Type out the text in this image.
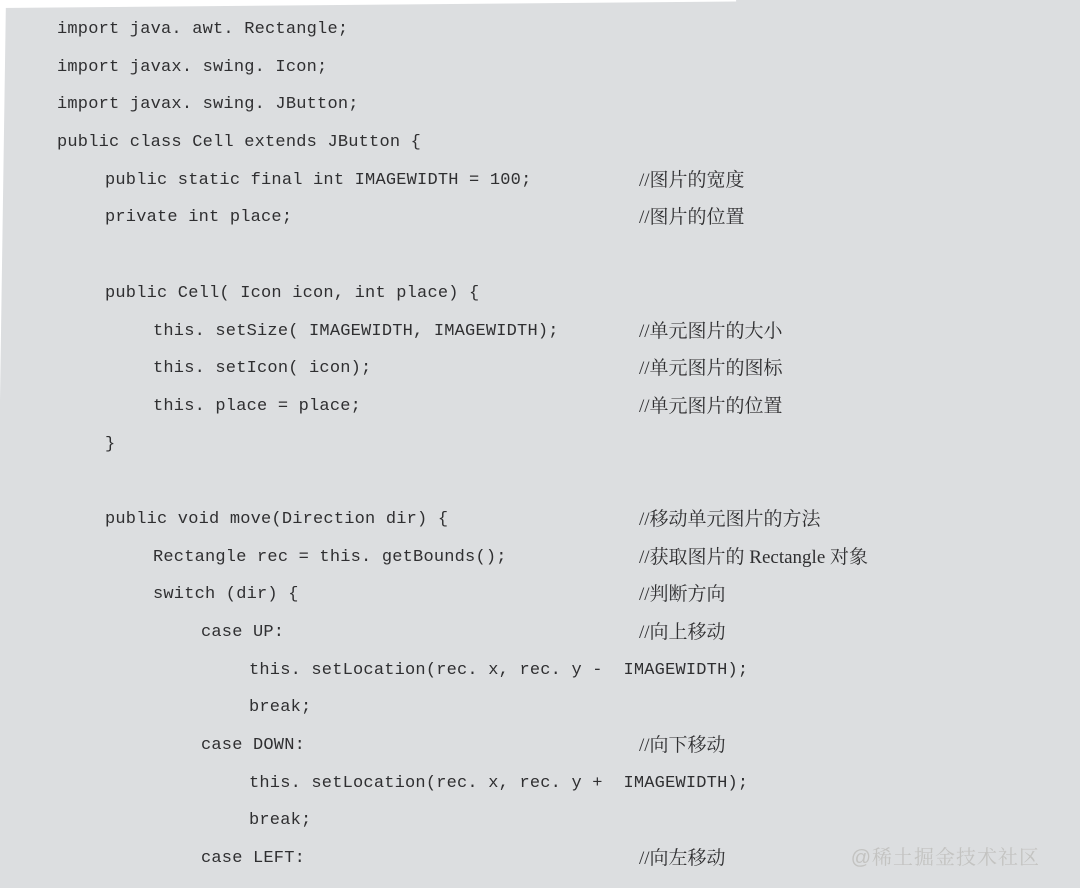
import java. awt. Rectangle;
import javax. swing. Icon;
import javax. swing. JButton;
public class Cell extends JButton {
public static final int IMAGEWIDTH = 100;	//图片的宽度
private int place;	//图片的位置
public Cell( Icon icon, int place) {
this. setSize( IMAGEWIDTH, IMAGEWIDTH);	//单元图片的大小
this. setIcon( icon);	//单元图片的图标
this. place = place;	//单元图片的位置
}
public void move(Direction dir) {	//移动单元图片的方法
Rectangle rec = this. getBounds();	//获取图片的 Rectangle 对象
switch (dir) {	//判断方向
case UP:	//向上移动
this. setLocation(rec. x, rec. y -  IMAGEWIDTH);
break;
case DOWN:	//向下移动
this. setLocation(rec. x, rec. y +  IMAGEWIDTH);
break;
case LEFT:	//向左移动	@稀土掘金技术社区
